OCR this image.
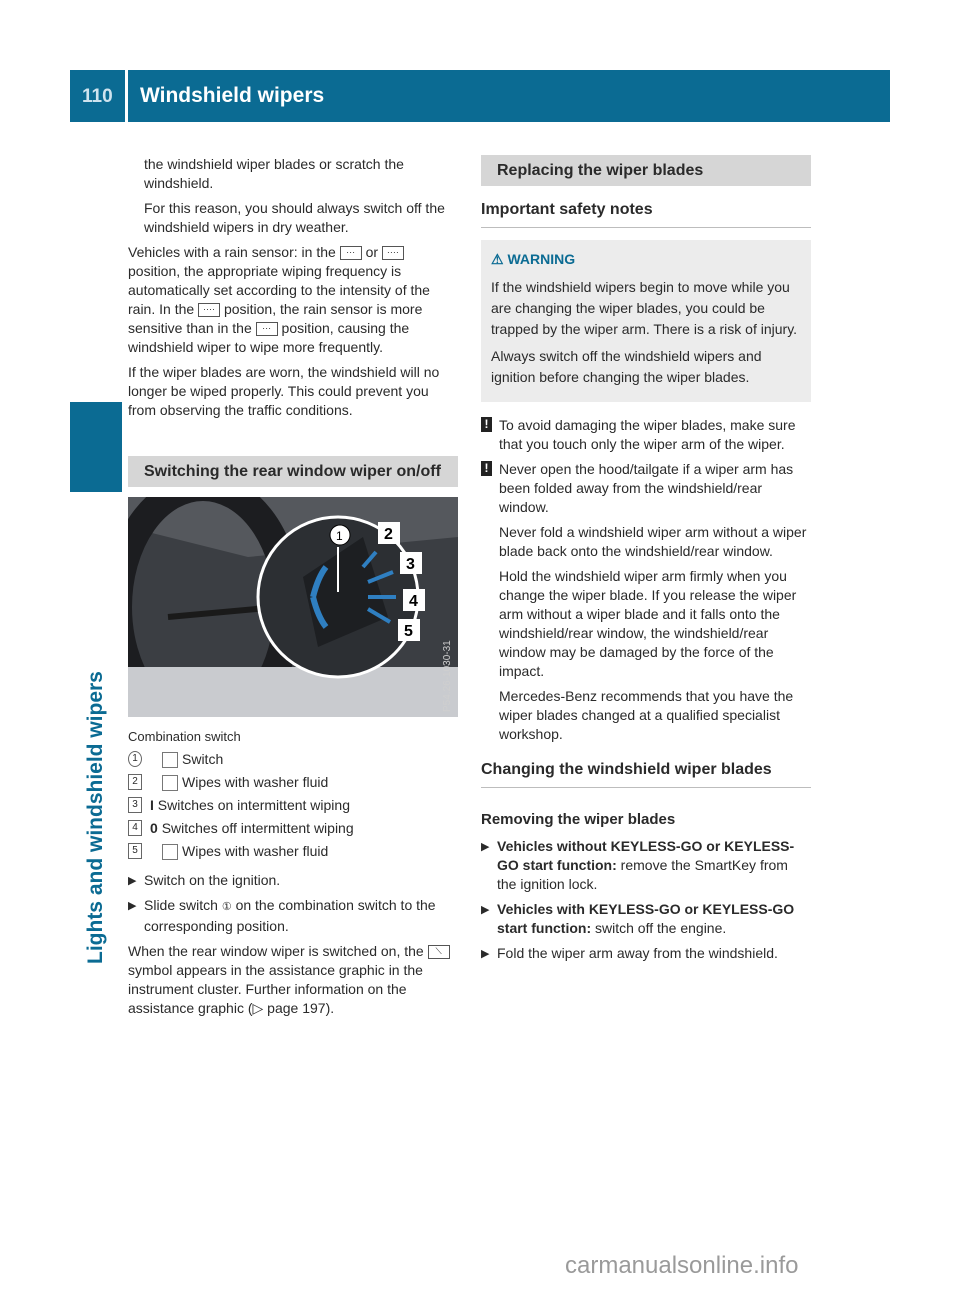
110 Windshield wipers
Lights and windshield wipers

the windshield wiper blades or scratch the windshield.

For this reason, you should always switch off the windshield wipers in dry weather.

Vehicles with a rain sensor: in the ··· or ···· position, the appropriate wiping frequency is automatically set according to the intensity of the rain. In the ···· position, the rain sensor is more sensitive than in the ··· position, causing the windshield wiper to wipe more frequently.

If the wiper blades are worn, the windshield will no longer be wiped properly. This could prevent you from observing the traffic conditions.

Switching the rear window wiper on/off
1	2
3
4
5
P54.26-1030-31
Combination switch
1	Switch
2	Wipes with washer fluid
3 I Switches on intermittent wiping
4 0 Switches off intermittent wiping
5	Wipes with washer fluid
▶ Switch on the ignition.
▶ Slide switch ① on the combination switch to the corresponding position.

When the rear window wiper is switched on, the ⟍ symbol appears in the assistance graphic in the instrument cluster. Further information on the assistance graphic (▷ page 197).

Replacing the wiper blades
Important safety notes
⚠ WARNING

If the windshield wipers begin to move while you are changing the wiper blades, you could be trapped by the wiper arm. There is a risk of injury.

Always switch off the windshield wipers and ignition before changing the wiper blades.

! To avoid damaging the wiper blades, make sure that you touch only the wiper arm of the wiper.
! Never open the hood/tailgate if a wiper arm has been folded away from the windshield/rear window.

Never fold a windshield wiper arm without a wiper blade back onto the windshield/rear window.

Hold the windshield wiper arm firmly when you change the wiper blade. If you release the wiper arm without a wiper blade and it falls onto the windshield/rear window, the windshield/rear window may be damaged by the force of the impact.

Mercedes-Benz recommends that you have the wiper blades changed at a qualified specialist workshop.

Changing the windshield wiper blades
Removing the wiper blades
▶ Vehicles without KEYLESS-GO or KEYLESS-GO start function: remove the SmartKey from the ignition lock.
▶ Vehicles with KEYLESS-GO or KEYLESS-GO start function: switch off the engine.
▶ Fold the wiper arm away from the windshield.
carmanualsonline.info
